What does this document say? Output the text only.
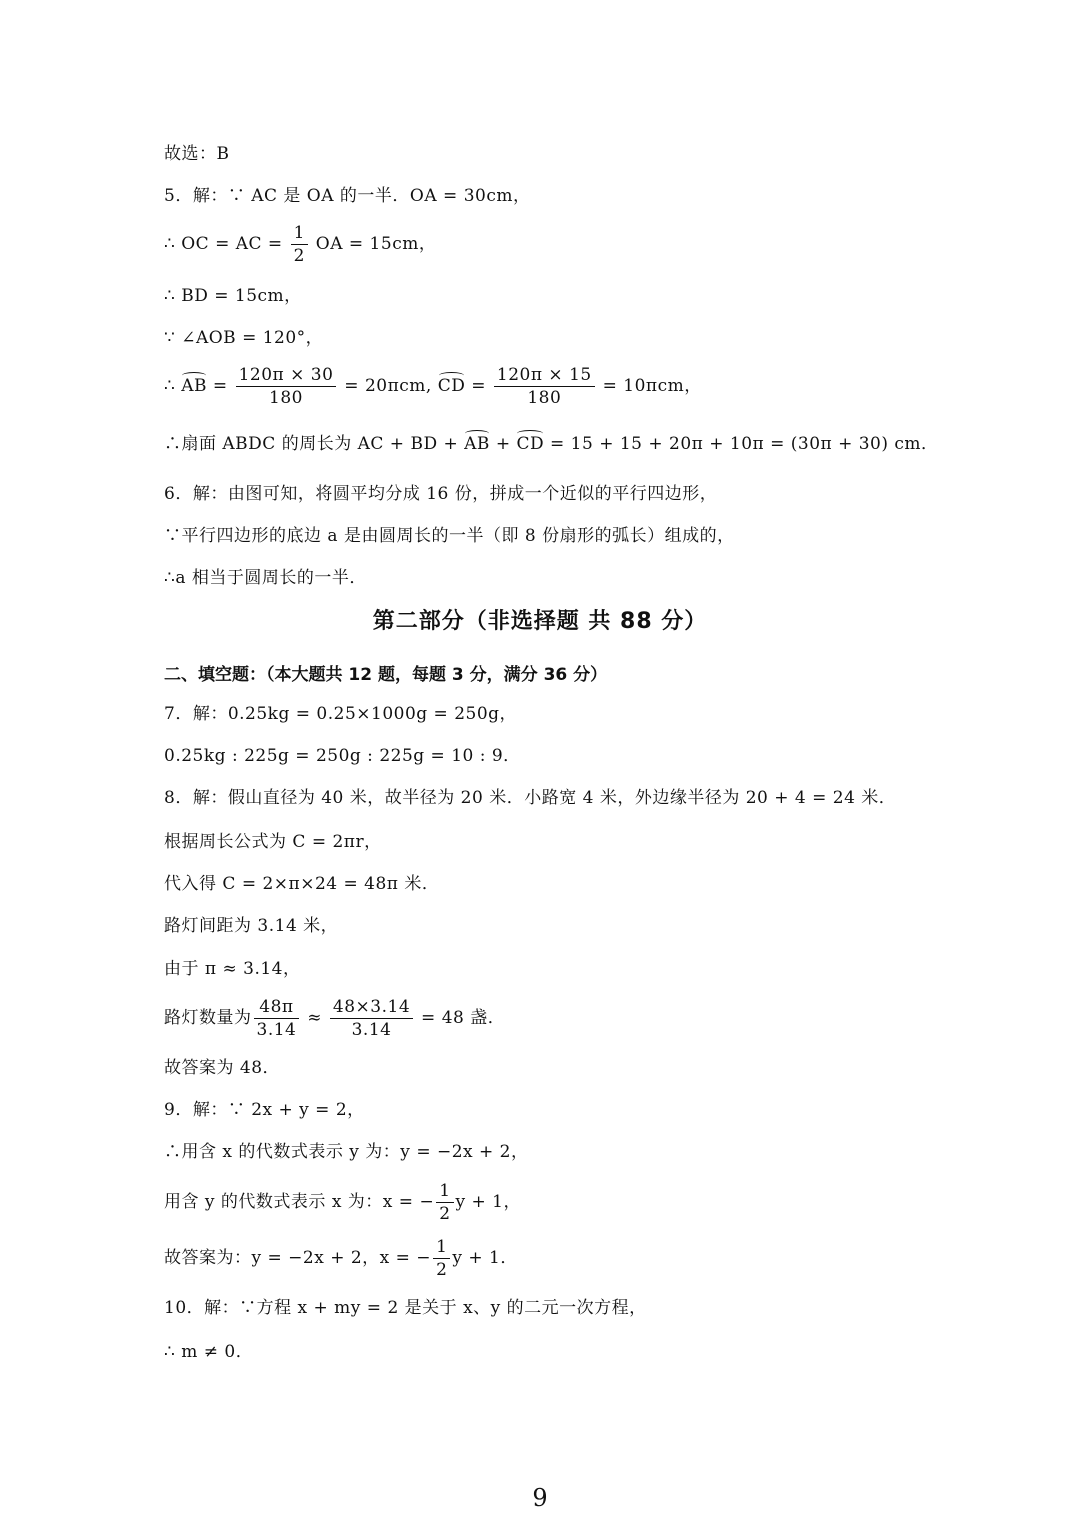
故选：B
5．解：∵ AC 是 OA 的一半．OA = 30cm，
∴ OC = AC = $\frac{1}{2}$ OA = 15cm，
∴ BD = 15cm，
∵ ∠AOB = 120°，
∴ AB = $\frac{120\pi \times 30}{180} = 20\pi cm$, CD = $\frac{120\pi \times 15}{180} = 10\pi cm$，
∴扇面 ABDC 的周长为 AC + BD + AB + CD = 15 + 15 + 20π + 10π = (30π + 30) cm．
6．解：由图可知，将圆平均分成 16 份，拼成一个近似的平行四边形，
∵平行四边形的底边 a 是由圆周长的一半（即 8 份扇形的弧长）组成的，
∴a 相当于圆周长的一半．
第二部分（非选择题 共 88 分）
二、填空题：（本大题共 12 题，每题 3 分，满分 36 分）
7．解：0.25kg = 0.25×1000g = 250g，
0.25kg : 225g = 250g : 225g = 10 : 9．
8．解：假山直径为 40 米，故半径为 20 米．小路宽 4 米，外边缘半径为 20 + 4 = 24 米．
根据周长公式为 C = 2πr，
代入得 C = 2×π×24 = 48π 米．
路灯间距为 3.14 米，
由于 π ≈ 3.14，
路灯数量为 $\frac{48\pi}{3.14} \approx \frac{48\times 3.14}{3.14} = 48$ 盏．
故答案为 48．
9．解：∵ 2x + y = 2，
∴用含 x 的代数式表示 y 为：y = −2x + 2，
用含 y 的代数式表示 x 为：x = − $\frac{1}{2}$ y + 1，
故答案为：y = −2x + 2，x = − $\frac{1}{2}$ y + 1．
10．解：∵方程 x + my = 2 是关于 x、y 的二元一次方程，
∴ m ≠ 0．
9
